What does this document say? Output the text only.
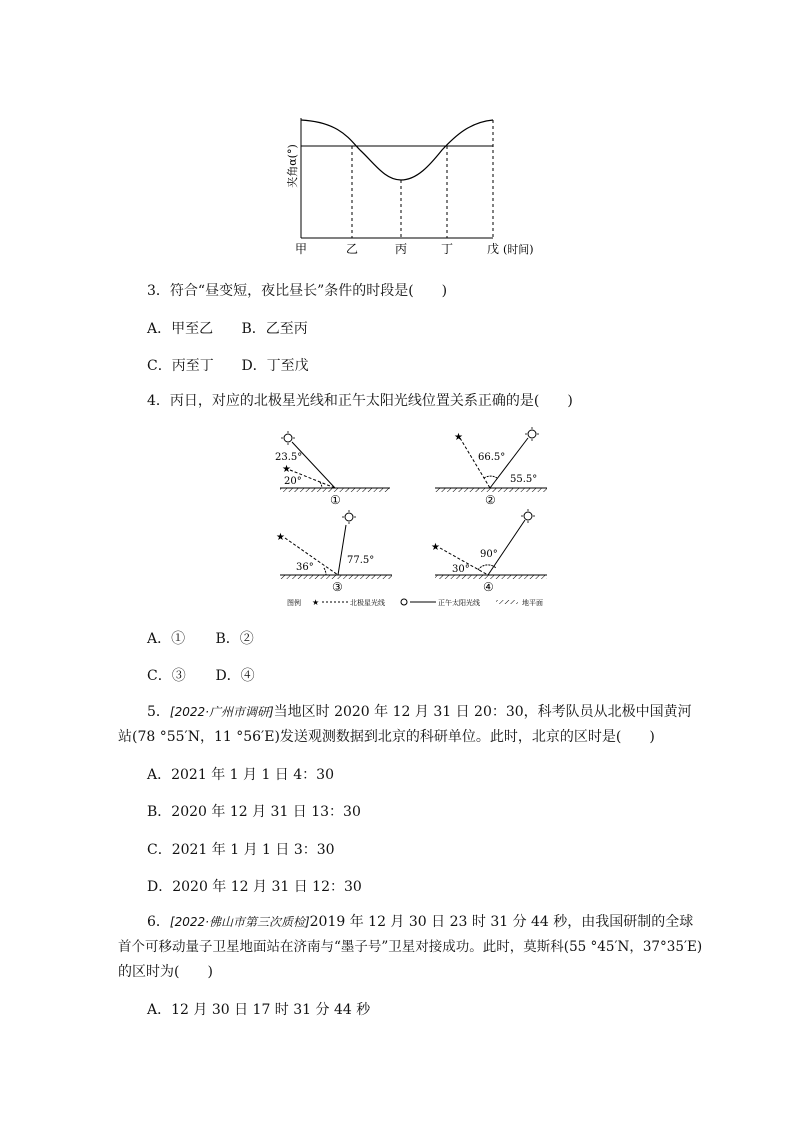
夹角α(°)
甲	乙	丙	丁	戊 (时间)
3．符合“昼变短，夜比昼长”条件的时段是(　　)
A．甲至乙 B．乙至丙
C．丙至丁 D．丁至戊
4．丙日，对应的北极星光线和正午太阳光线位置关系正确的是(　　)
★
23.5°
20°
①
★
66.5°
55.5°
②
★
36°
77.5°
③
★
30°
90°
④
图例 ★	北极星光线	正午太阳光线	地平面
A．① B．②
C．③ D．④
5．[2022·广州市调研]当地区时 2020 年 12 月 31 日 20：30，科考队员从北极中国黄河
站(78 °55′N，11 °56′E)发送观测数据到北京的科研单位。此时，北京的区时是(　　)
A．2021 年 1 月 1 日 4：30
B．2020 年 12 月 31 日 13：30
C．2021 年 1 月 1 日 3：30
D．2020 年 12 月 31 日 12：30
6．[2022·佛山市第三次质检]2019 年 12 月 30 日 23 时 31 分 44 秒，由我国研制的全球
首个可移动量子卫星地面站在济南与“墨子号”卫星对接成功。此时，莫斯科(55 °45′N，37°35′E)
的区时为(　　)
A．12 月 30 日 17 时 31 分 44 秒
